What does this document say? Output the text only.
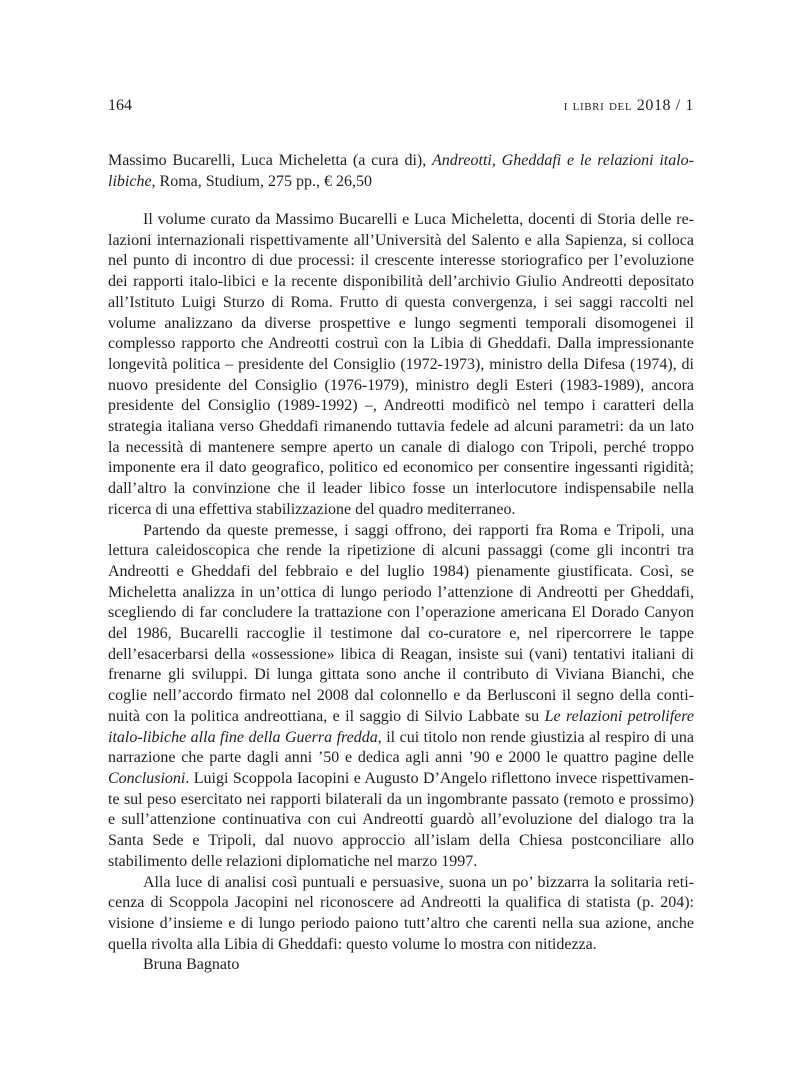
164	i libri del 2018 / 1
Massimo Bucarelli, Luca Micheletta (a cura di), Andreotti, Gheddafi e le relazioni italo-libiche, Roma, Studium, 275 pp., € 26,50

Il volume curato da Massimo Bucarelli e Luca Micheletta, docenti di Storia delle relazioni internazionali rispettivamente all’Università del Salento e alla Sapienza, si colloca nel punto di incontro di due processi: il crescente interesse storiografico per l’evoluzione dei rapporti italo-libici e la recente disponibilità dell’archivio Giulio Andreotti depositato all’Istituto Luigi Sturzo di Roma. Frutto di questa convergenza, i sei saggi raccolti nel volume analizzano da diverse prospettive e lungo segmenti temporali disomogenei il complesso rapporto che Andreotti costruì con la Libia di Gheddafi. Dalla impressionante longevità politica – presidente del Consiglio (1972-1973), ministro della Difesa (1974), di nuovo presidente del Consiglio (1976-1979), ministro degli Esteri (1983-1989), ancora presidente del Consiglio (1989-1992) –, Andreotti modificò nel tempo i caratteri della strategia italiana verso Gheddafi rimanendo tuttavia fedele ad alcuni parametri: da un lato la necessità di mantenere sempre aperto un canale di dialogo con Tripoli, perché troppo imponente era il dato geografico, politico ed economico per consentire ingessanti rigidità; dall’altro la convinzione che il leader libico fosse un interlocutore indispensabile nella ricerca di una effettiva stabilizzazione del quadro mediterraneo.

Partendo da queste premesse, i saggi offrono, dei rapporti fra Roma e Tripoli, una lettura caleidoscopica che rende la ripetizione di alcuni passaggi (come gli incontri tra Andreotti e Gheddafi del febbraio e del luglio 1984) pienamente giustificata. Così, se Micheletta analizza in un’ottica di lungo periodo l’attenzione di Andreotti per Gheddafi, scegliendo di far concludere la trattazione con l’operazione americana El Dorado Canyon del 1986, Bucarelli raccoglie il testimone dal co-curatore e, nel ripercorrere le tappe dell’esacerbarsi della «ossessione» libica di Reagan, insiste sui (vani) tentativi italiani di frenarne gli sviluppi. Di lunga gittata sono anche il contributo di Viviana Bianchi, che coglie nell’accordo firmato nel 2008 dal colonnello e da Berlusconi il segno della continuità con la politica andreottiana, e il saggio di Silvio Labbate su Le relazioni petrolifere italo-libiche alla fine della Guerra fredda, il cui titolo non rende giustizia al respiro di una narrazione che parte dagli anni ’50 e dedica agli anni ’90 e 2000 le quattro pagine delle Conclusioni. Luigi Scoppola Iacopini e Augusto D’Angelo riflettono invece rispettivamente sul peso esercitato nei rapporti bilaterali da un ingombrante passato (remoto e prossimo) e sull’attenzione continuativa con cui Andreotti guardò all’evoluzione del dialogo tra la Santa Sede e Tripoli, dal nuovo approccio all’islam della Chiesa postconciliare allo stabilimento delle relazioni diplomatiche nel marzo 1997.

Alla luce di analisi così puntuali e persuasive, suona un po’ bizzarra la solitaria reticenza di Scoppola Jacopini nel riconoscere ad Andreotti la qualifica di statista (p. 204): visione d’insieme e di lungo periodo paiono tutt’altro che carenti nella sua azione, anche quella rivolta alla Libia di Gheddafi: questo volume lo mostra con nitidezza.

Bruna Bagnato
